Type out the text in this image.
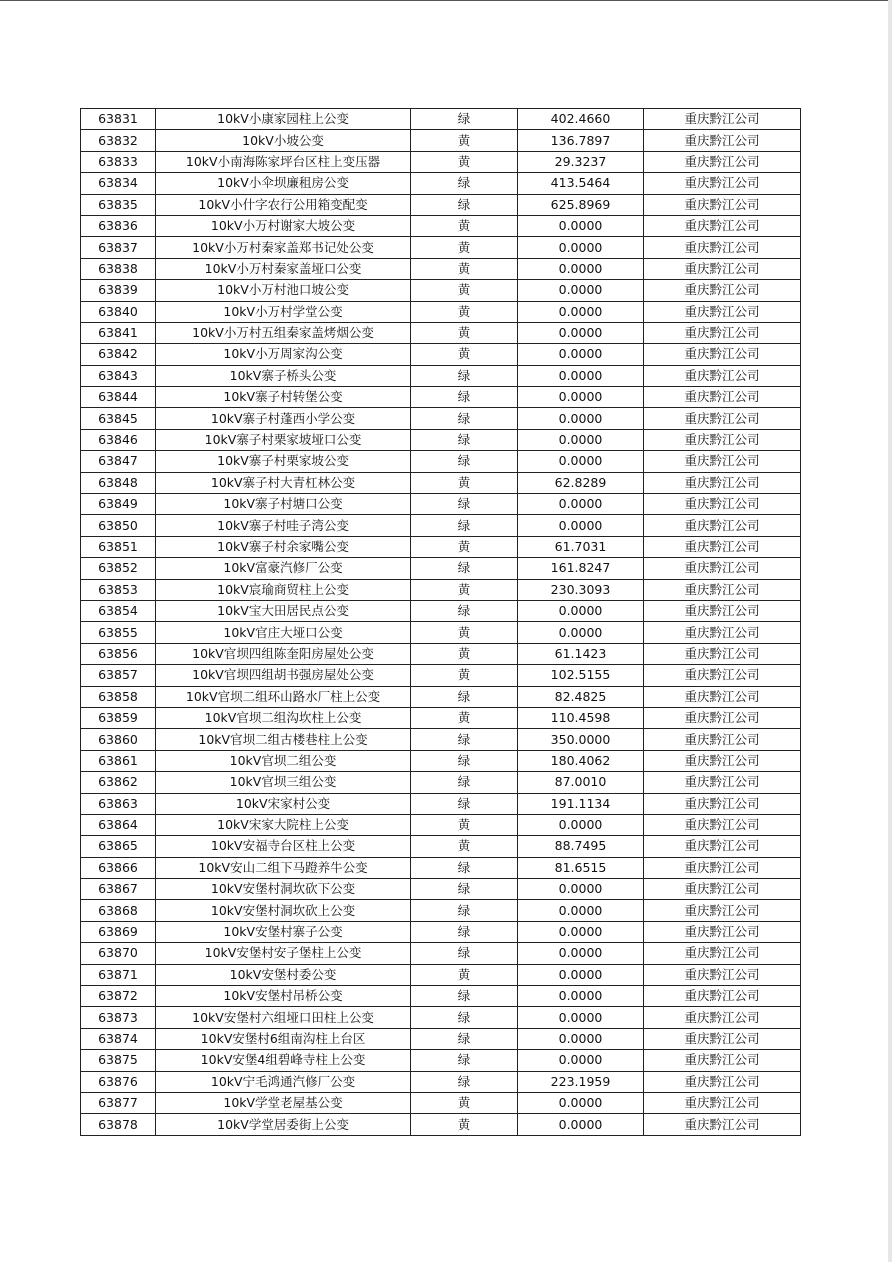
63831	10kV小康家园柱上公变	绿	402.4660	重庆黔江公司
63832	10kV小坡公变	黄	136.7897	重庆黔江公司
63833	10kV小南海陈家坪台区柱上变压器	黄	29.3237	重庆黔江公司
63834	10kV小伞坝廉租房公变	绿	413.5464	重庆黔江公司
63835	10kV小什字农行公用箱变配变	绿	625.8969	重庆黔江公司
63836	10kV小万村谢家大坡公变	黄	0.0000	重庆黔江公司
63837	10kV小万村秦家盖郑书记处公变	黄	0.0000	重庆黔江公司
63838	10kV小万村秦家盖垭口公变	黄	0.0000	重庆黔江公司
63839	10kV小万村池口坡公变	黄	0.0000	重庆黔江公司
63840	10kV小万村学堂公变	黄	0.0000	重庆黔江公司
63841	10kV小万村五组秦家盖烤烟公变	黄	0.0000	重庆黔江公司
63842	10kV小万周家沟公变	黄	0.0000	重庆黔江公司
63843	10kV寨子桥头公变	绿	0.0000	重庆黔江公司
63844	10kV寨子村转堡公变	绿	0.0000	重庆黔江公司
63845	10kV寨子村蓬西小学公变	绿	0.0000	重庆黔江公司
63846	10kV寨子村栗家坡垭口公变	绿	0.0000	重庆黔江公司
63847	10kV寨子村栗家坡公变	绿	0.0000	重庆黔江公司
63848	10kV寨子村大青杠林公变	黄	62.8289	重庆黔江公司
63849	10kV寨子村塘口公变	绿	0.0000	重庆黔江公司
63850	10kV寨子村哇子湾公变	绿	0.0000	重庆黔江公司
63851	10kV寨子村余家嘴公变	黄	61.7031	重庆黔江公司
63852	10kV富豪汽修厂公变	绿	161.8247	重庆黔江公司
63853	10kV宸瑜商贸柱上公变	黄	230.3093	重庆黔江公司
63854	10kV宝大田居民点公变	绿	0.0000	重庆黔江公司
63855	10kV官庄大垭口公变	黄	0.0000	重庆黔江公司
63856	10kV官坝四组陈奎阳房屋处公变	黄	61.1423	重庆黔江公司
63857	10kV官坝四组胡书强房屋处公变	黄	102.5155	重庆黔江公司
63858	10kV官坝二组环山路水厂柱上公变	绿	82.4825	重庆黔江公司
63859	10kV官坝二组沟坎柱上公变	黄	110.4598	重庆黔江公司
63860	10kV官坝二组古楼巷柱上公变	绿	350.0000	重庆黔江公司
63861	10kV官坝二组公变	绿	180.4062	重庆黔江公司
63862	10kV官坝三组公变	绿	87.0010	重庆黔江公司
63863	10kV宋家村公变	绿	191.1134	重庆黔江公司
63864	10kV宋家大院柱上公变	黄	0.0000	重庆黔江公司
63865	10kV安福寺台区柱上公变	黄	88.7495	重庆黔江公司
63866	10kV安山二组下马蹬养牛公变	绿	81.6515	重庆黔江公司
63867	10kV安堡村洞坎砍下公变	绿	0.0000	重庆黔江公司
63868	10kV安堡村洞坎砍上公变	绿	0.0000	重庆黔江公司
63869	10kV安堡村寨子公变	绿	0.0000	重庆黔江公司
63870	10kV安堡村安子堡柱上公变	绿	0.0000	重庆黔江公司
63871	10kV安堡村委公变	黄	0.0000	重庆黔江公司
63872	10kV安堡村吊桥公变	绿	0.0000	重庆黔江公司
63873	10kV安堡村六组垭口田柱上公变	绿	0.0000	重庆黔江公司
63874	10kV安堡村6组南沟柱上台区	绿	0.0000	重庆黔江公司
63875	10kV安堡4组碧峰寺柱上公变	绿	0.0000	重庆黔江公司
63876	10kV宁毛鸿通汽修厂公变	绿	223.1959	重庆黔江公司
63877	10kV学堂老屋基公变	黄	0.0000	重庆黔江公司
63878	10kV学堂居委街上公变	黄	0.0000	重庆黔江公司
